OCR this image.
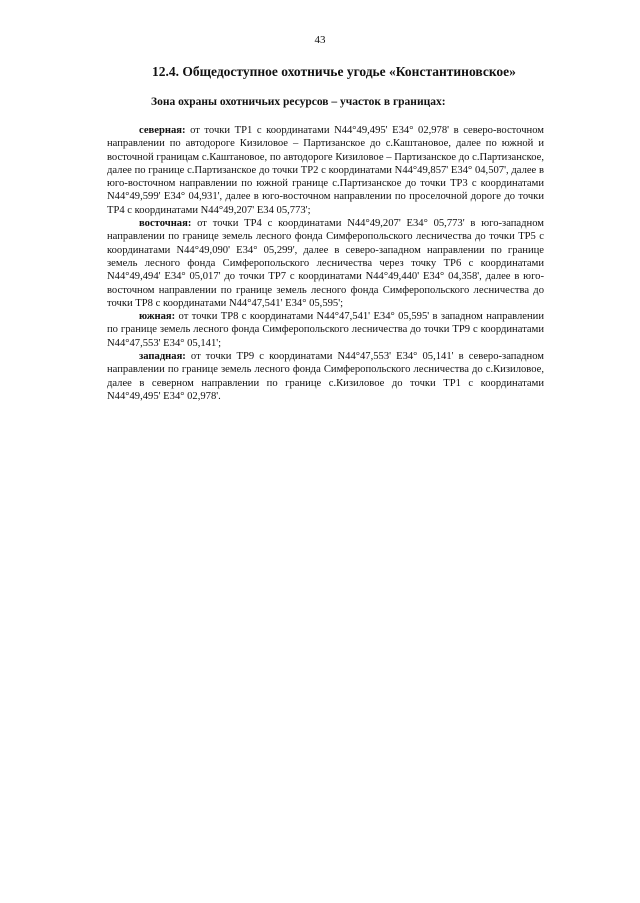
43
12.4. Общедоступное охотничье угодье «Константиновское»
Зона охраны охотничьих ресурсов – участок в границах:

северная: от точки TP1 с координатами N44°49,495' E34° 02,978' в северо-восточном направлении по автодороге Кизиловое – Партизанское до с.Каштановое, далее по южной и восточной границам с.Каштановое, по автодороге Кизиловое – Партизанское до с.Партизанское, далее по границе с.Партизанское до точки TP2 с координатами N44°49,857' E34° 04,507', далее в юго-восточном направлении по южной границе с.Партизанское до точки TP3 с координатами N44°49,599' E34° 04,931', далее в юго-восточном направлении по проселочной дороге до точки TP4 с координатами N44°49,207' E34 05,773';

восточная: от точки TP4 с координатами N44°49,207' E34° 05,773' в юго-западном направлении по границе земель лесного фонда Симферопольского лесничества до точки TP5 с координатами N44°49,090' E34° 05,299', далее в северо-западном направлении по границе земель лесного фонда Симферопольского лесничества через точку TP6 с координатами N44°49,494' E34° 05,017' до точки TP7 с координатами N44°49,440' E34° 04,358', далее в юго-восточном направлении по границе земель лесного фонда Симферопольского лесничества до точки TP8 с координатами N44°47,541' E34° 05,595';

южная: от точки TP8 с координатами N44°47,541' E34° 05,595' в западном направлении по границе земель лесного фонда Симферопольского лесничества до точки TP9 с координатами N44°47,553' E34° 05,141';

западная: от точки TP9 с координатами N44°47,553' E34° 05,141' в северо-западном направлении по границе земель лесного фонда Симферопольского лесничества до с.Кизиловое, далее в северном направлении по границе с.Кизиловое до точки TP1 с координатами N44°49,495' E34° 02,978'.
